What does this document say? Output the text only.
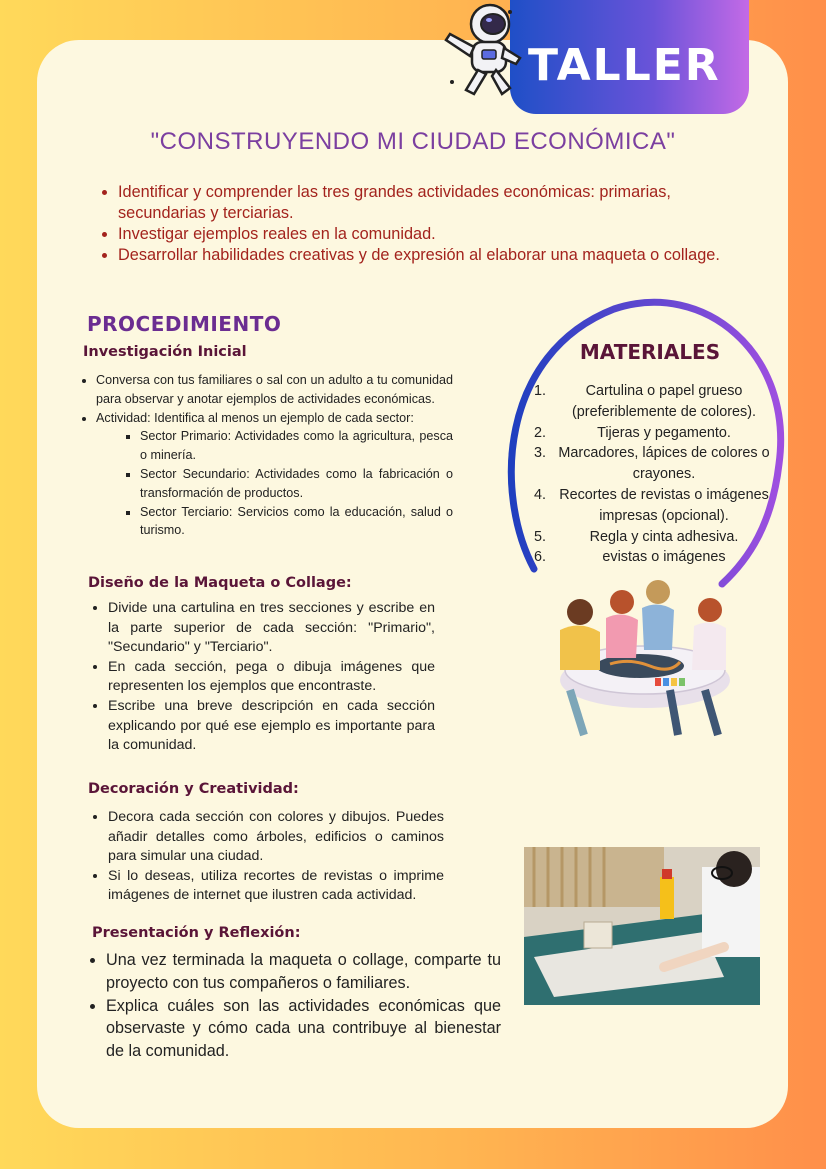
TALLER
"CONSTRUYENDO MI CIUDAD ECONÓMICA"
• Identificar y comprender las tres grandes actividades económicas: primarias, secundarias y terciarias.
• Investigar ejemplos reales en la comunidad.
• Desarrollar habilidades creativas y de expresión al elaborar una maqueta o collage.
PROCEDIMIENTO
Investigación Inicial
• Conversa con tus familiares o sal con un adulto a tu comunidad para observar y anotar ejemplos de actividades económicas.
• Actividad: Identifica al menos un ejemplo de cada sector:
▪ Sector Primario: Actividades como la agricultura, pesca o minería.
▪ Sector Secundario: Actividades como la fabricación o transformación de productos.
▪ Sector Terciario: Servicios como la educación, salud o turismo.
Diseño de la Maqueta o Collage:
• Divide una cartulina en tres secciones y escribe en la parte superior de cada sección: "Primario", "Secundario" y "Terciario".
• En cada sección, pega o dibuja imágenes que representen los ejemplos que encontraste.
• Escribe una breve descripción en cada sección explicando por qué ese ejemplo es importante para la comunidad.
Decoración y Creatividad:
• Decora cada sección con colores y dibujos. Puedes añadir detalles como árboles, edificios o caminos para simular una ciudad.
• Si lo deseas, utiliza recortes de revistas o imprime imágenes de internet que ilustren cada actividad.
Presentación y Reflexión:
• Una vez terminada la maqueta o collage, comparte tu proyecto con tus compañeros o familiares.
• Explica cuáles son las actividades económicas que observaste y cómo cada una contribuye al bienestar de la comunidad.
MATERIALES
1.	Cartulina o papel grueso (preferiblemente de colores).
2.	Tijeras y pegamento.
3. Marcadores, lápices de colores o crayones.
4. Recortes de revistas o imágenes impresas (opcional).
5.	Regla y cinta adhesiva.
6.	evistas o imágenes
